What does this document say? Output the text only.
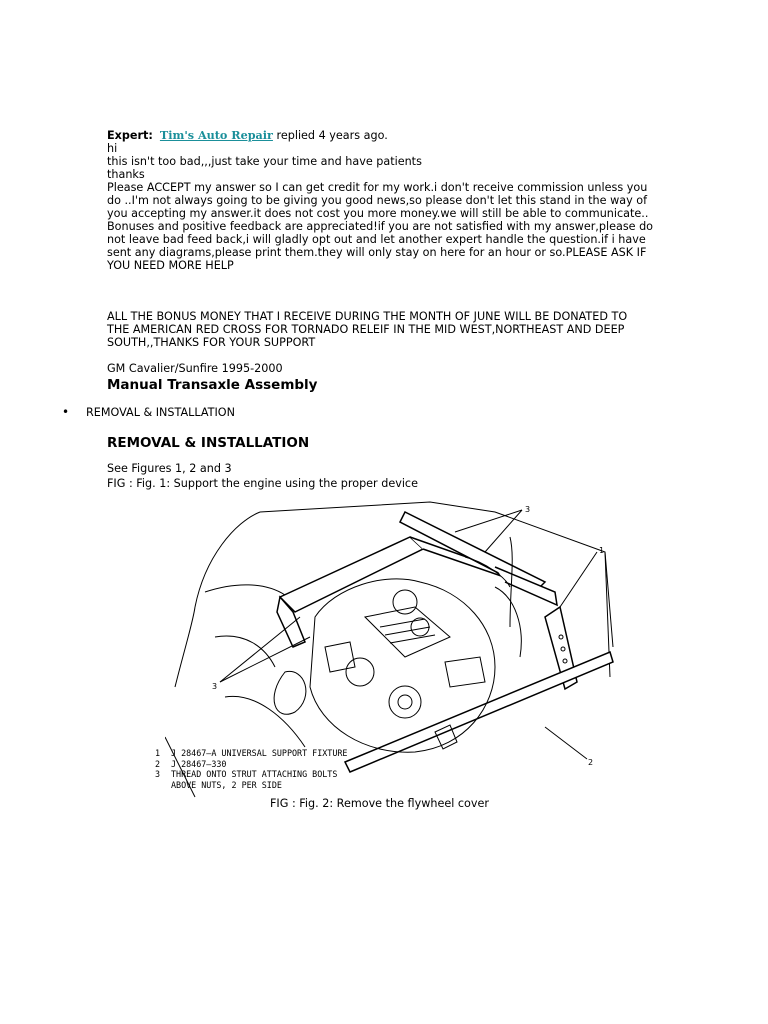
Expert: Tim's Auto Repair replied 4 years ago.
hi
this isn't too bad,,,just take your time and have patients
thanks
Please ACCEPT my answer so I can get credit for my work.i don't receive commission unless you
do ..I'm not always going to be giving you good news,so please don't let this stand in the way of
you accepting my answer.it does not cost you more money.we will still be able to communicate..
Bonuses and positive feedback are appreciated!if you are not satisfied with my answer,please do
not leave bad feed back,i will gladly opt out and let another expert handle the question.if i have
sent any diagrams,please print them.they will only stay on here for an hour or so.PLEASE ASK IF
YOU NEED MORE HELP
ALL THE BONUS MONEY THAT I RECEIVE DURING THE MONTH OF JUNE WILL BE DONATED TO
THE AMERICAN RED CROSS FOR TORNADO RELEIF IN THE MID WEST,NORTHEAST AND DEEP
SOUTH,,THANKS FOR YOUR SUPPORT
GM Cavalier/Sunfire 1995-2000
Manual Transaxle Assembly
• REMOVAL & INSTALLATION
REMOVAL & INSTALLATION
See Figures 1, 2 and 3
FIG : Fig. 1: Support the engine using the proper device
3
1
3
2
1 J 28467–A UNIVERSAL SUPPORT FIXTURE
2 J 28467–330
3 THREAD ONTO STRUT ATTACHING BOLTS
ABOVE NUTS, 2 PER SIDE
FIG : Fig. 2: Remove the flywheel cover
